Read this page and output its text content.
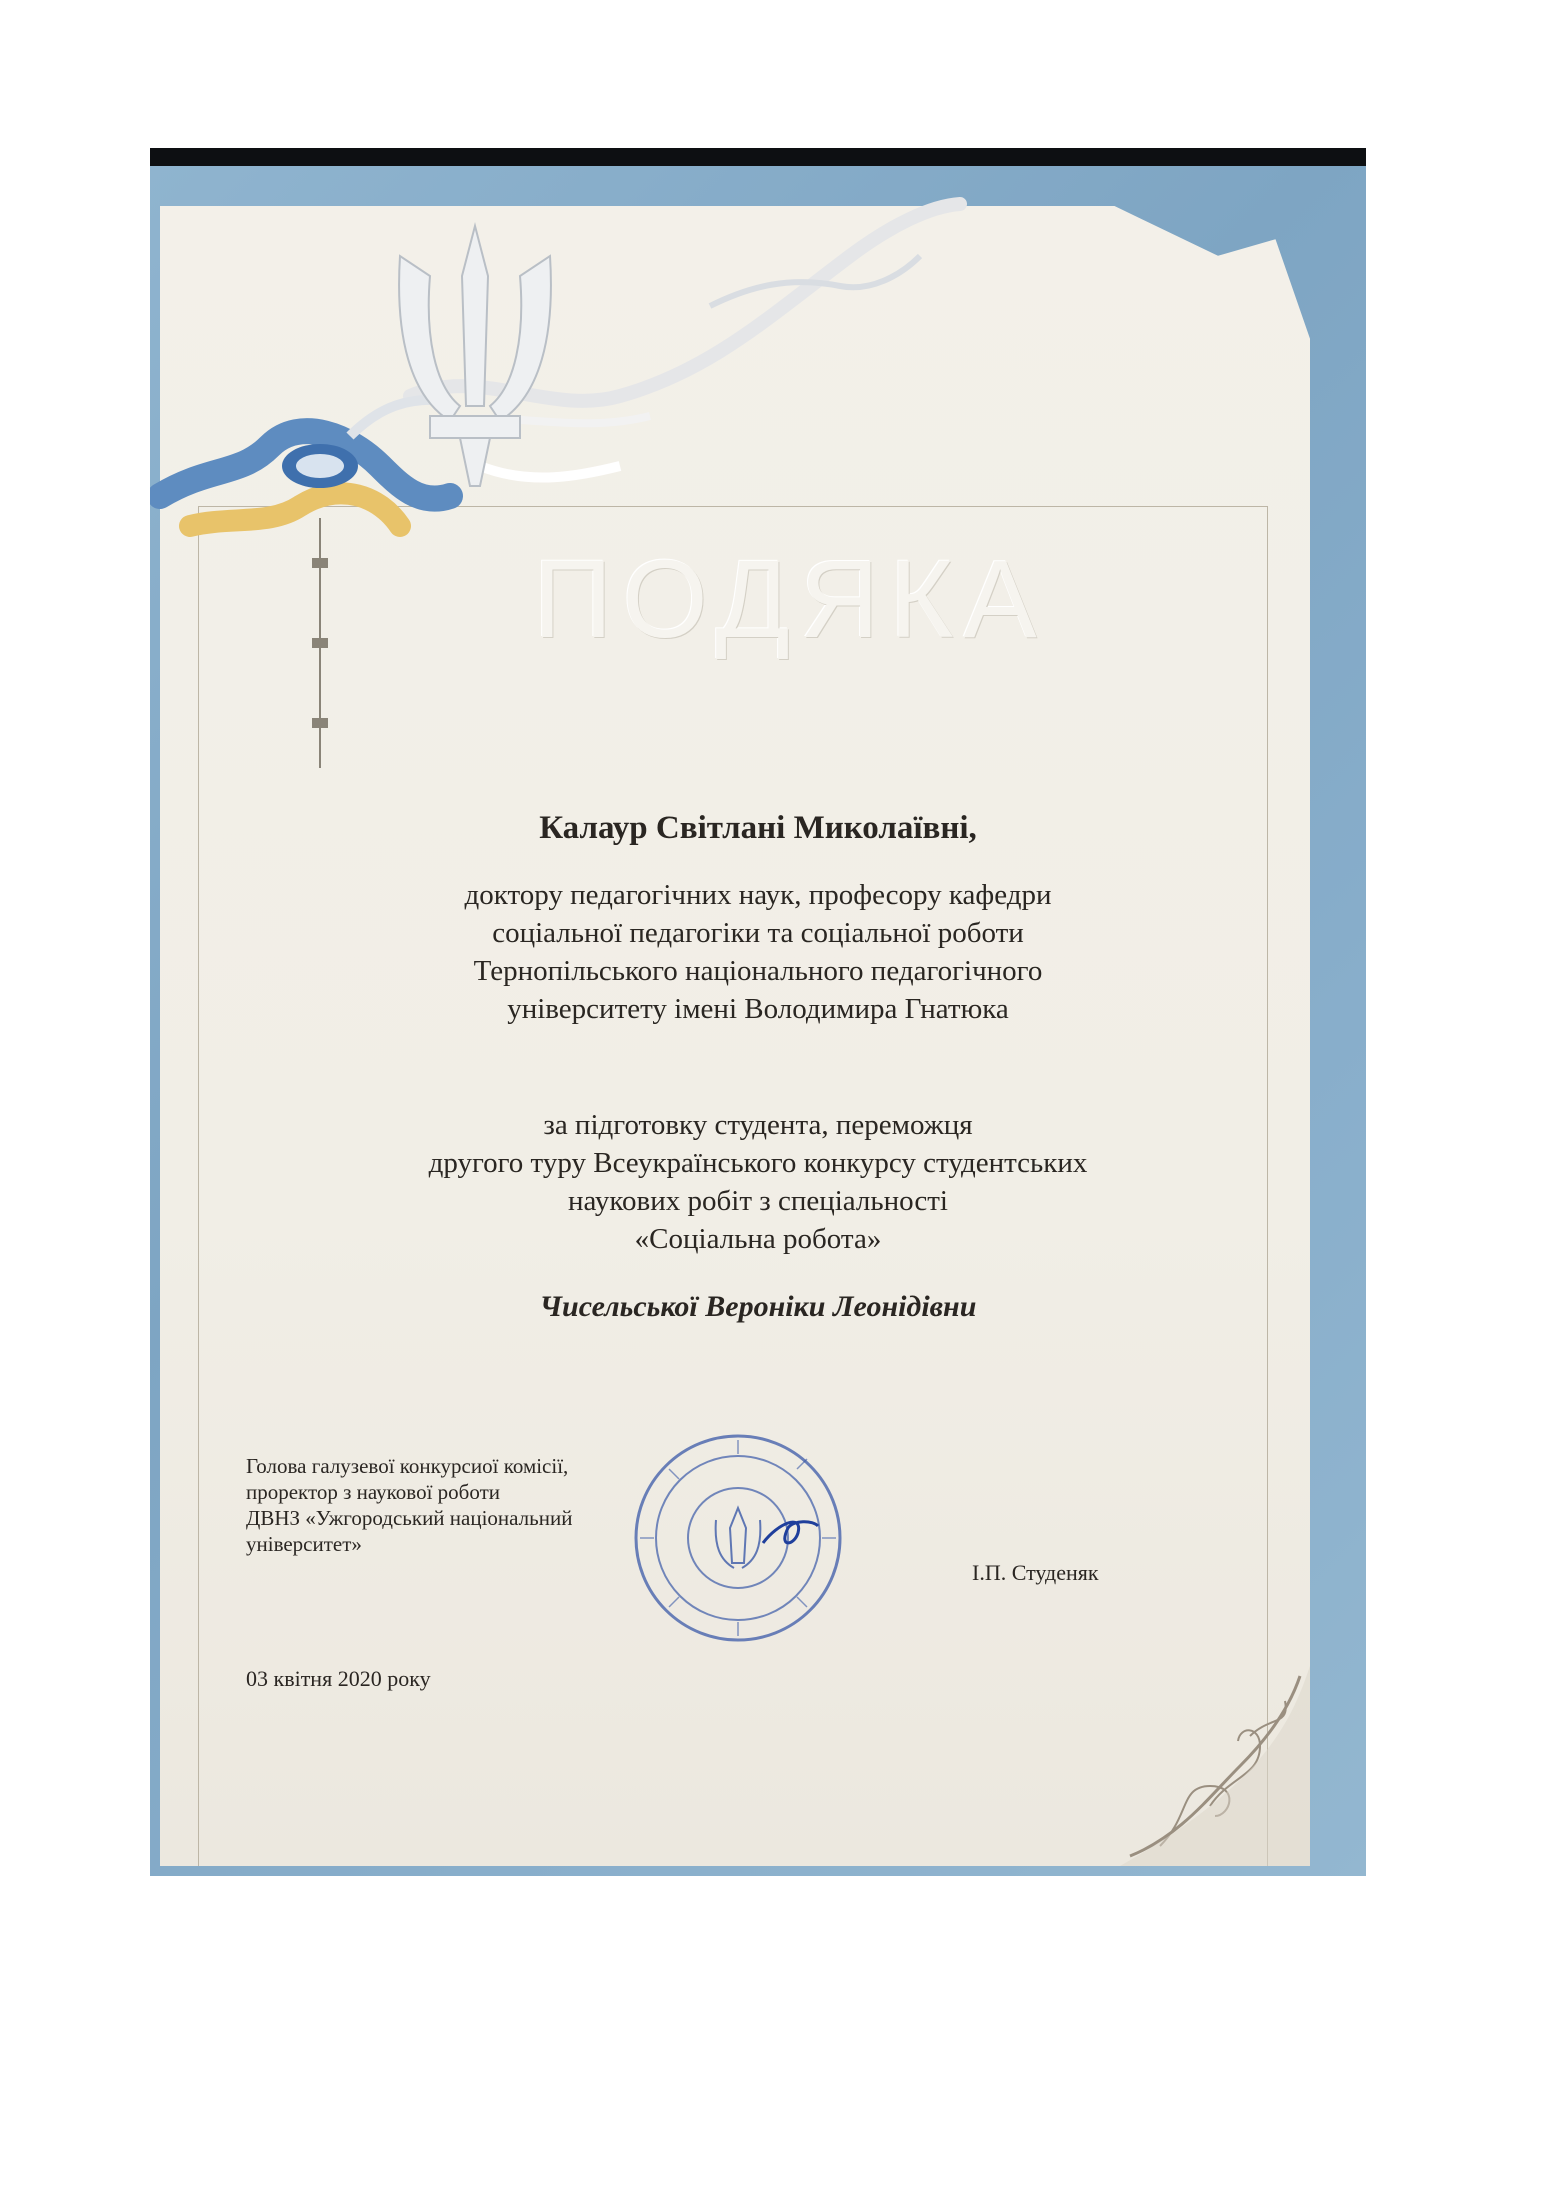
ПОДЯКА
Калаур Світлані Миколаївні,
доктору педагогічних наук, професору кафедри
соціальної педагогіки та соціальної роботи
Тернопільського національного педагогічного
університету імені Володимира Гнатюка
за підготовку студента, переможця
другого туру Всеукраїнського конкурсу студентських
наукових робіт з спеціальності
«Соціальна робота»
Чисельської Вероніки Леонідівни
Голова галузевої конкурсиої комісії,
проректор з наукової роботи
ДВНЗ «Ужгородський національний
університет»
І.П. Студеняк
03 квітня 2020 року
